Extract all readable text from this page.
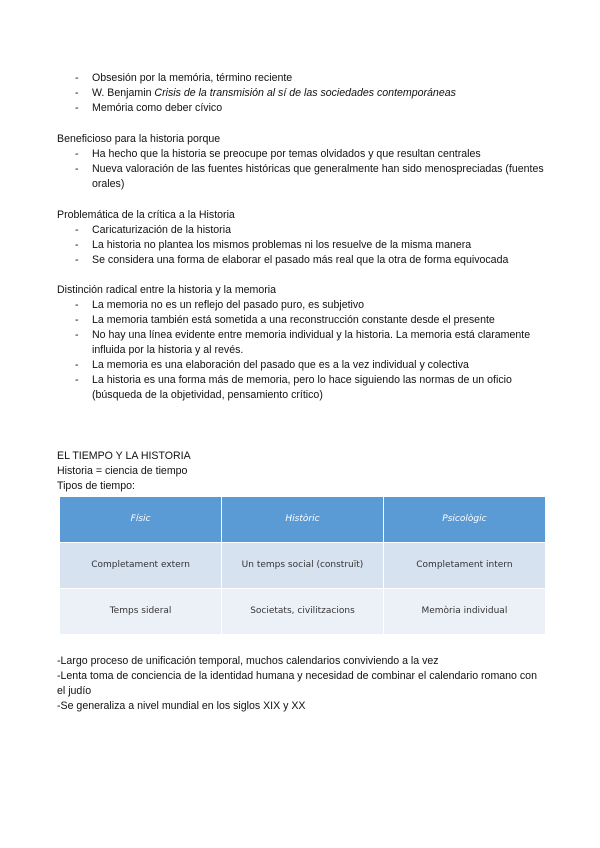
- Obsesión por la memória, término reciente
- W. Benjamin Crisis de la transmisión al sí de las sociedades contemporáneas
- Memória como deber cívico

Beneficioso para la historia porque

- Ha hecho que la historia se preocupe por temas olvidados y que resultan centrales
- Nueva valoración de las fuentes históricas que generalmente han sido menospreciadas (fuentes orales)

Problemática de la crítica a la Historia

- Caricaturización de la historia
- La historia no plantea los mismos problemas ni los resuelve de la misma manera
- Se considera una forma de elaborar el pasado más real que la otra de forma equivocada

Distinción radical entre la historia y la memoria

- La memoria no es un reflejo del pasado puro, es subjetivo
- La memoria también está sometida a una reconstrucción constante desde el presente
- No hay una línea evidente entre memoria individual y la historia. La memoria está claramente influida por la historia y al revés.
- La memoria es una elaboración del pasado que es a la vez individual y colectiva
- La historia es una forma más de memoria, pero lo hace siguiendo las normas de un oficio (búsqueda de la objetividad, pensamiento crítico)

EL TIEMPO Y LA HISTORIA

Historia = ciencia de tiempo

Tipos de tiempo:

Físic	Històric	Psicològic
Completament extern	Un temps social (construït)	Completament intern
Temps sideral	Societats, civilitzacions	Memòria individual

-Largo proceso de unificación temporal, muchos calendarios conviviendo a la vez

-Lenta toma de conciencia de la identidad humana y necesidad de combinar el calendario romano con el judío

-Se generaliza a nivel mundial en los siglos XIX y XX
